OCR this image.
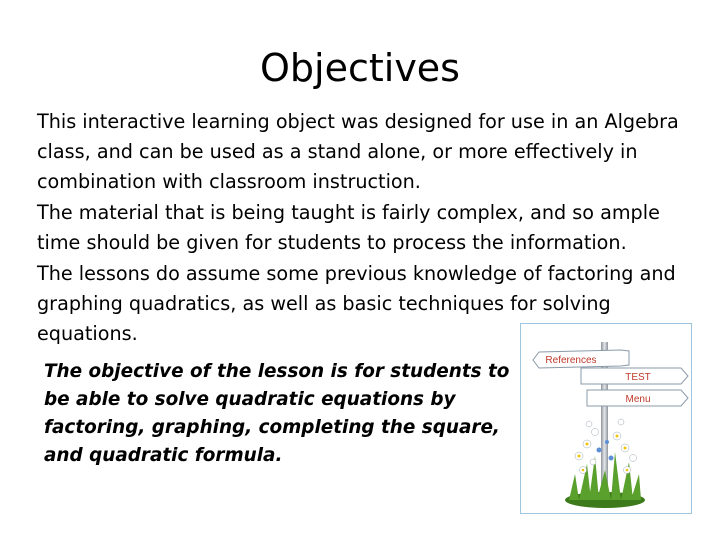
Objectives

This interactive learning object was designed for use in an Algebra class, and can be used as a stand alone, or more effectively in combination with classroom instruction.

The material that is being taught is fairly complex, and so ample time should be given for students to process the information.

The lessons do assume some previous knowledge of factoring and graphing quadratics, as well as basic techniques for solving equations.

The objective of the lesson is for students to be able to solve quadratic equations by factoring, graphing, completing the square, and quadratic formula.
References
TEST
Menu
